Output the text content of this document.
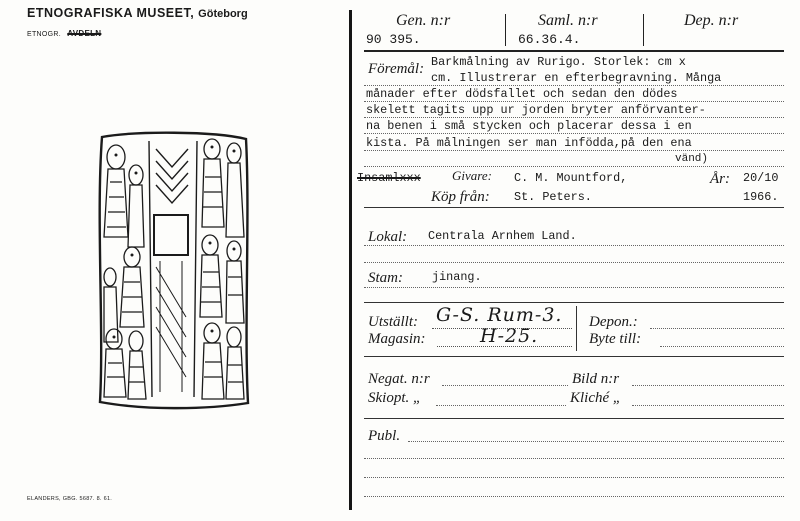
ETNOGRAFISKA MUSEET, Göteborg
ETNOGR. AVDELN
ELANDERS, GBG. 5687. 8. 61.
Gen. n:r	Saml. n:r	Dep. n:r
90 395.	66.36.4.
Föremål: Barkmålning av Rurigo. Storlek: cm x
cm. Illustrerar en efterbegravning. Många
månader efter dödsfallet och sedan den dödes
skelett tagits upp ur jorden bryter anförvanter-
na benen i små stycken och placerar dessa i en
kista. På målningen ser man infödda,på den ena
vänd)
Insamlxxx Givare: C. M. Mountford,	År: 20/10
Köp från: St. Peters.	1966.
Lokal: Centrala Arnhem Land.
Stam: jinang.
Utställt: G-S. Rum-3.
Magasin:	H-25.
Depon.:
Byte till:
Negat. n:r	Bild n:r
Skiopt. „	Kliché „
Publ.
